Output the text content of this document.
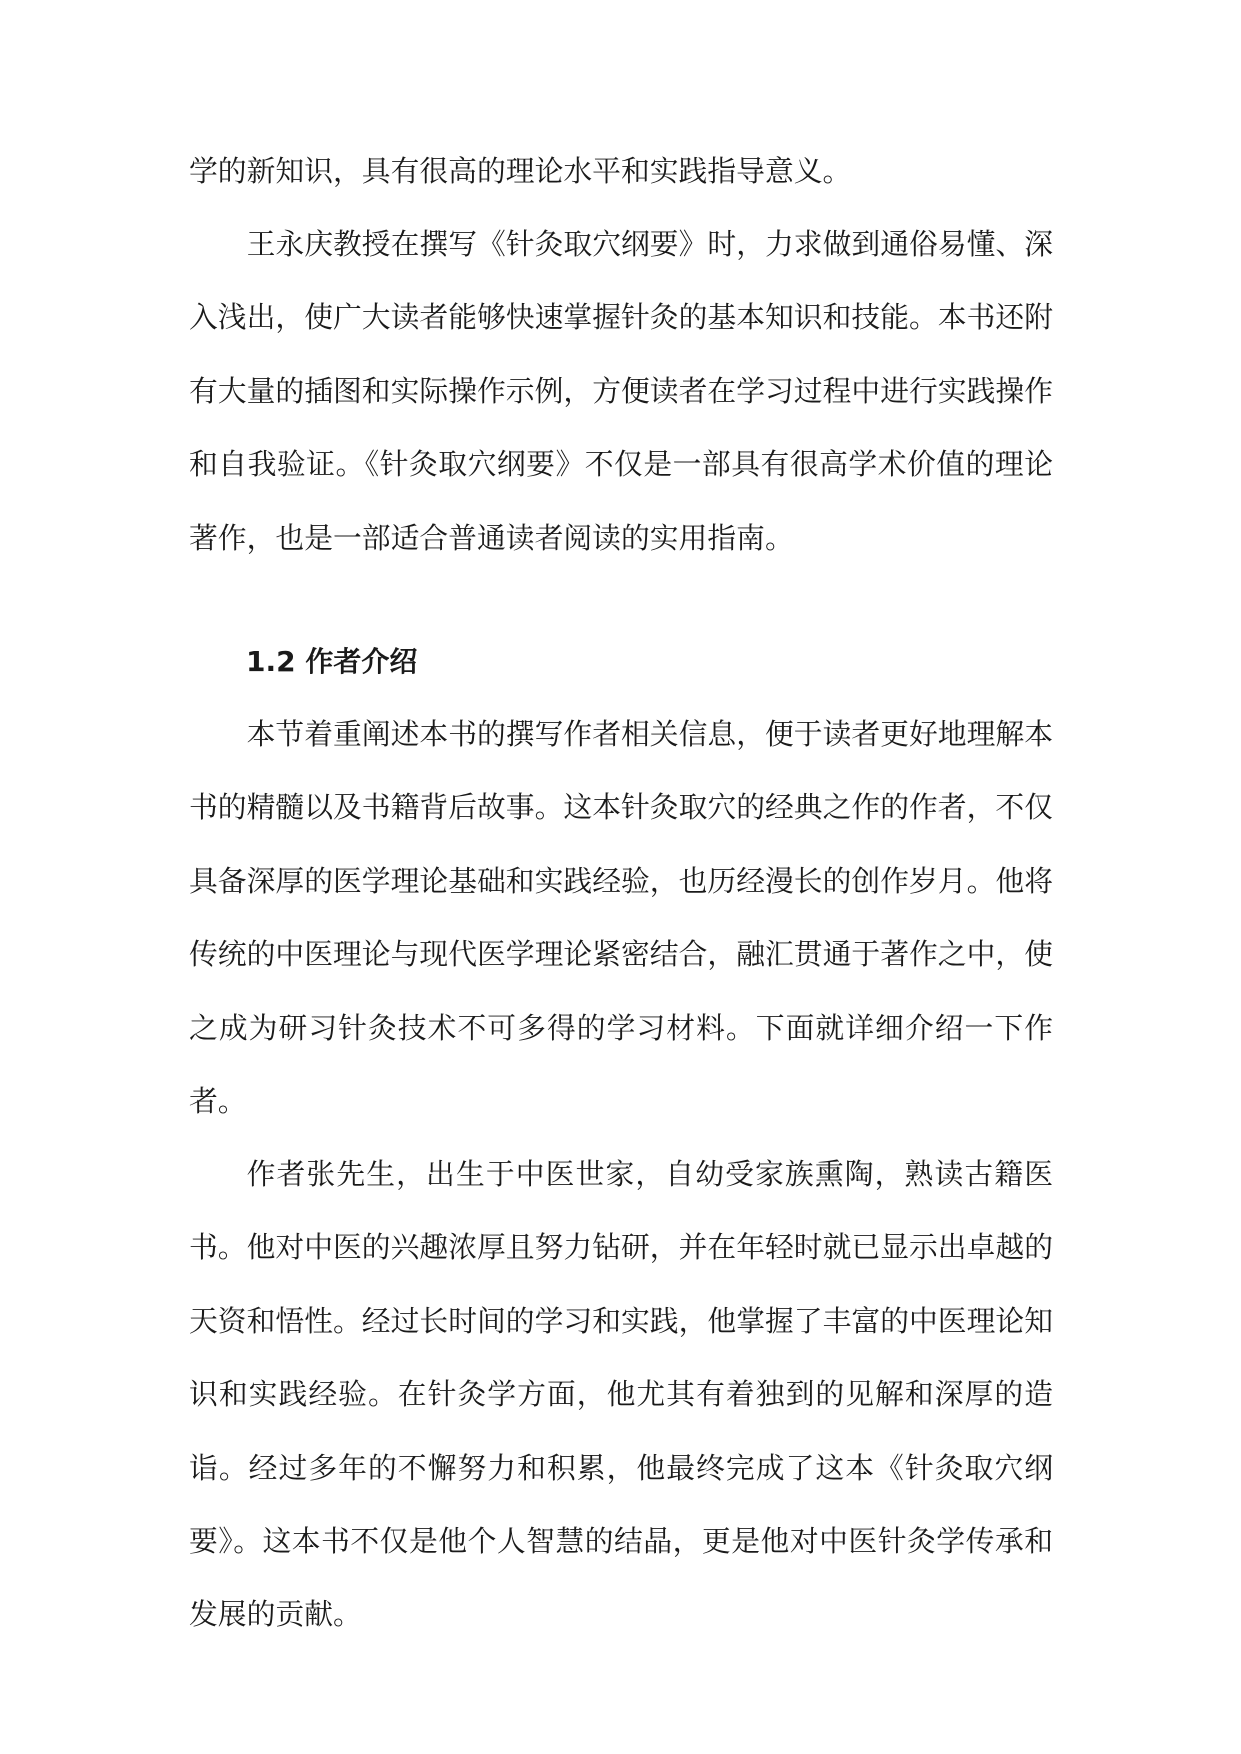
学的新知识，具有很高的理论水平和实践指导意义。

王永庆教授在撰写《针灸取穴纲要》时，力求做到通俗易懂、深入浅出，使广大读者能够快速掌握针灸的基本知识和技能。本书还附有大量的插图和实际操作示例，方便读者在学习过程中进行实践操作和自我验证。《针灸取穴纲要》不仅是一部具有很高学术价值的理论著作，也是一部适合普通读者阅读的实用指南。

1.2 作者介绍

本节着重阐述本书的撰写作者相关信息，便于读者更好地理解本书的精髓以及书籍背后故事。这本针灸取穴的经典之作的作者，不仅具备深厚的医学理论基础和实践经验，也历经漫长的创作岁月。他将传统的中医理论与现代医学理论紧密结合，融汇贯通于著作之中，使之成为研习针灸技术不可多得的学习材料。下面就详细介绍一下作者。

作者张先生，出生于中医世家，自幼受家族熏陶，熟读古籍医书。他对中医的兴趣浓厚且努力钻研，并在年轻时就已显示出卓越的天资和悟性。经过长时间的学习和实践，他掌握了丰富的中医理论知识和实践经验。在针灸学方面，他尤其有着独到的见解和深厚的造诣。经过多年的不懈努力和积累，他最终完成了这本《针灸取穴纲要》。这本书不仅是他个人智慧的结晶，更是他对中医针灸学传承和发展的贡献。
